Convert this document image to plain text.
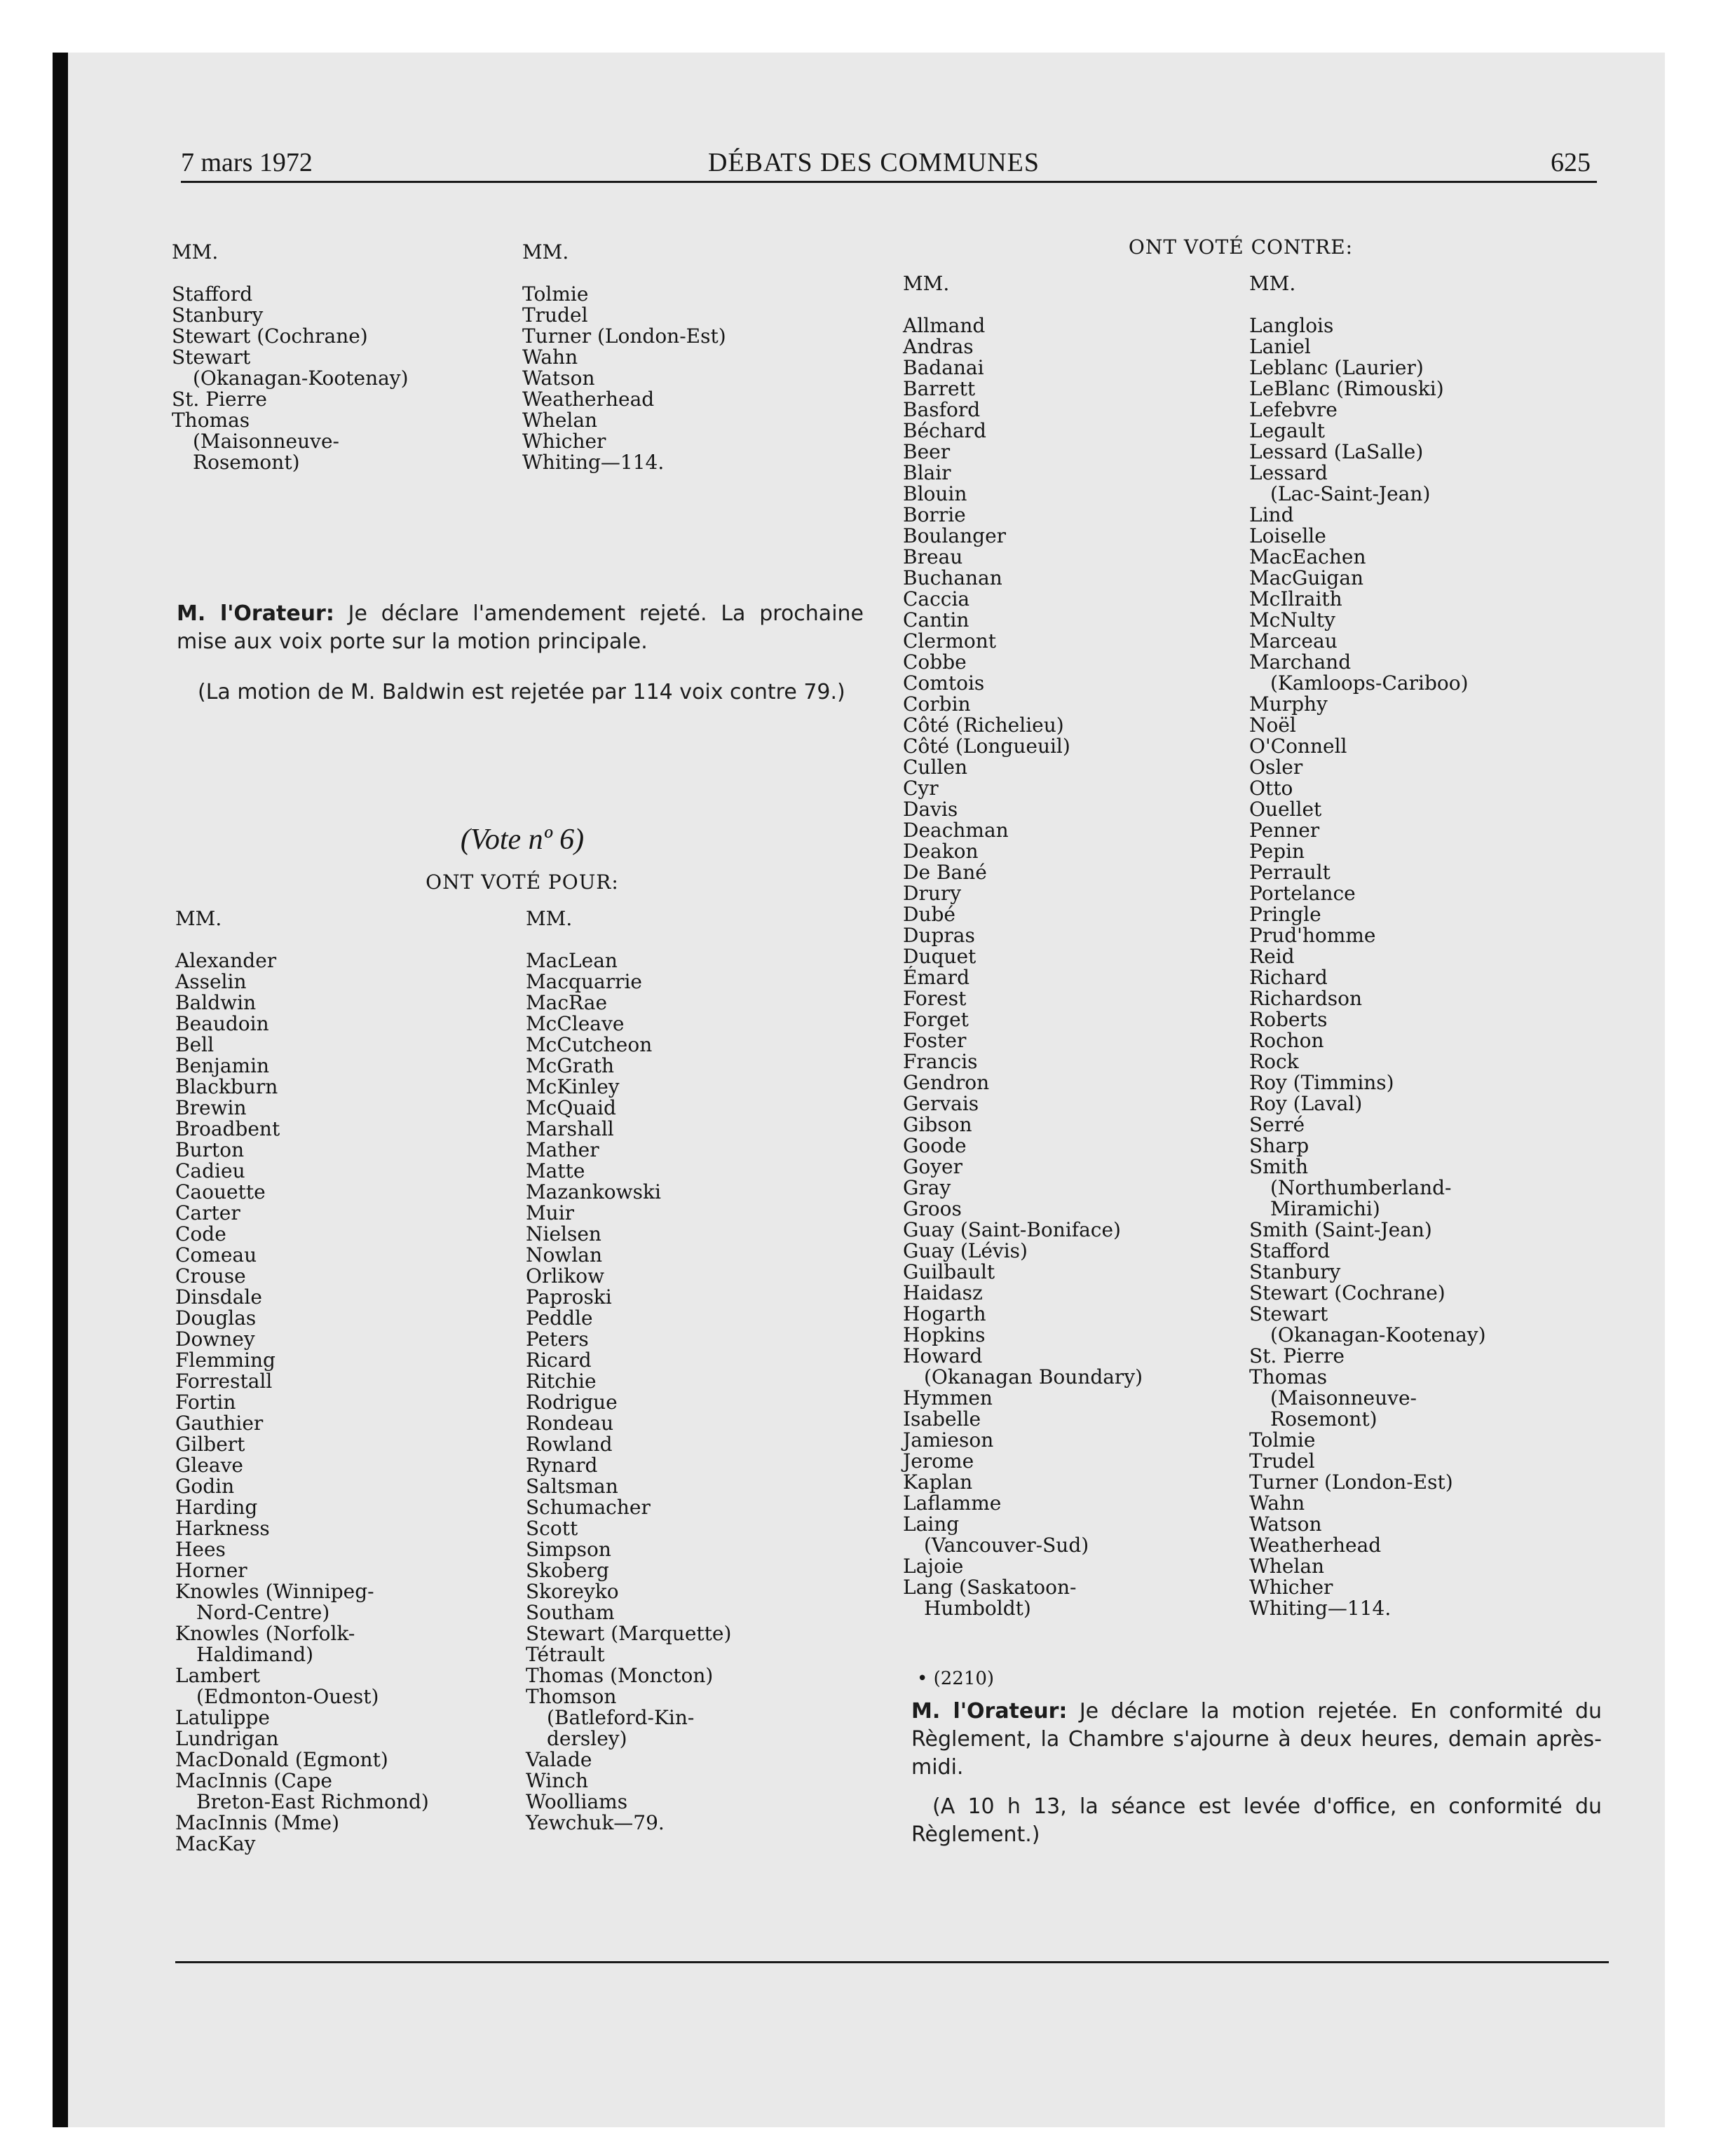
7 mars 1972	DÉBATS DES COMMUNES	625
MM.
Stafford
Stanbury
Stewart (Cochrane)
Stewart
(Okanagan-Kootenay)
St. Pierre
Thomas
(Maisonneuve-
Rosemont)
MM.
Tolmie
Trudel
Turner (London-Est)
Wahn
Watson
Weatherhead
Whelan
Whicher
Whiting—114.
M. l'Orateur: Je déclare l'amendement rejeté. La prochaine mise aux voix porte sur la motion principale.
(La motion de M. Baldwin est rejetée par 114 voix contre 79.)
(Vote nº 6)
ONT VOTÉ POUR:
MM.
Alexander
Asselin
Baldwin
Beaudoin
Bell
Benjamin
Blackburn
Brewin
Broadbent
Burton
Cadieu
Caouette
Carter
Code
Comeau
Crouse
Dinsdale
Douglas
Downey
Flemming
Forrestall
Fortin
Gauthier
Gilbert
Gleave
Godin
Harding
Harkness
Hees
Horner
Knowles (Winnipeg-
Nord-Centre)
Knowles (Norfolk-
Haldimand)
Lambert
(Edmonton-Ouest)
Latulippe
Lundrigan
MacDonald (Egmont)
MacInnis (Cape
Breton-East Richmond)
MacInnis (Mme)
MacKay
MM.
MacLean
Macquarrie
MacRae
McCleave
McCutcheon
McGrath
McKinley
McQuaid
Marshall
Mather
Matte
Mazankowski
Muir
Nielsen
Nowlan
Orlikow
Paproski
Peddle
Peters
Ricard
Ritchie
Rodrigue
Rondeau
Rowland
Rynard
Saltsman
Schumacher
Scott
Simpson
Skoberg
Skoreyko
Southam
Stewart (Marquette)
Tétrault
Thomas (Moncton)
Thomson
(Batleford-Kin-
dersley)
Valade
Winch
Woolliams
Yewchuk—79.
ONT VOTÉ CONTRE:
MM.
Allmand
Andras
Badanai
Barrett
Basford
Béchard
Beer
Blair
Blouin
Borrie
Boulanger
Breau
Buchanan
Caccia
Cantin
Clermont
Cobbe
Comtois
Corbin
Côté (Richelieu)
Côté (Longueuil)
Cullen
Cyr
Davis
Deachman
Deakon
De Bané
Drury
Dubé
Dupras
Duquet
Émard
Forest
Forget
Foster
Francis
Gendron
Gervais
Gibson
Goode
Goyer
Gray
Groos
Guay (Saint-Boniface)
Guay (Lévis)
Guilbault
Haidasz
Hogarth
Hopkins
Howard
(Okanagan Boundary)
Hymmen
Isabelle
Jamieson
Jerome
Kaplan
Laflamme
Laing
(Vancouver-Sud)
Lajoie
Lang (Saskatoon-
Humboldt)
MM.
Langlois
Laniel
Leblanc (Laurier)
LeBlanc (Rimouski)
Lefebvre
Legault
Lessard (LaSalle)
Lessard
(Lac-Saint-Jean)
Lind
Loiselle
MacEachen
MacGuigan
McIlraith
McNulty
Marceau
Marchand
(Kamloops-Cariboo)
Murphy
Noël
O'Connell
Osler
Otto
Ouellet
Penner
Pepin
Perrault
Portelance
Pringle
Prud'homme
Reid
Richard
Richardson
Roberts
Rochon
Rock
Roy (Timmins)
Roy (Laval)
Serré
Sharp
Smith
(Northumberland-
Miramichi)
Smith (Saint-Jean)
Stafford
Stanbury
Stewart (Cochrane)
Stewart
(Okanagan-Kootenay)
St. Pierre
Thomas
(Maisonneuve-
Rosemont)
Tolmie
Trudel
Turner (London-Est)
Wahn
Watson
Weatherhead
Whelan
Whicher
Whiting—114.
• (2210)
M. l'Orateur: Je déclare la motion rejetée. En conformité du Règlement, la Chambre s'ajourne à deux heures, demain après-midi.
(A 10 h 13, la séance est levée d'office, en conformité du Règlement.)
